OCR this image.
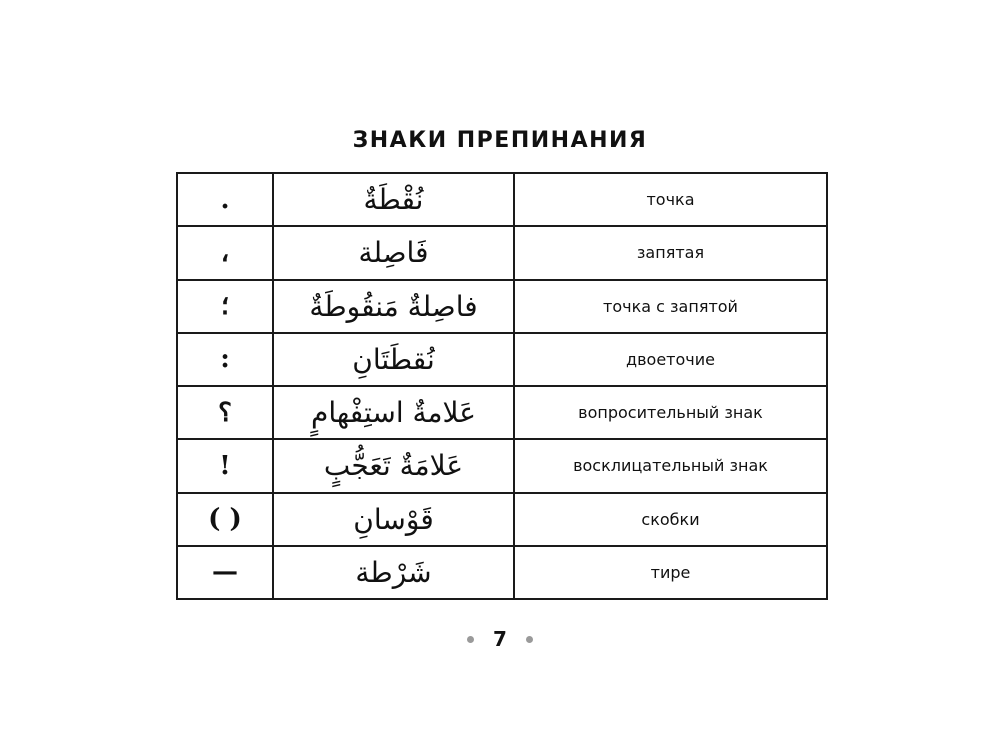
ЗНАКИ ПРЕПИНАНИЯ
.	نُقْطَةٌ	точка
،	فَاصِلة	запятая
؛	فاصِلةٌ مَنقُوطَةٌ	точка с запятой
:	نُقطَتَانِ	двоеточие
؟	عَلامةٌ استِفْهامٍ	вопросительный знак
!	عَلامَةٌ تَعَجُّبٍ	восклицательный знак
( )	قَوْسانِ	скобки
—	شَرْطة	тире
7
